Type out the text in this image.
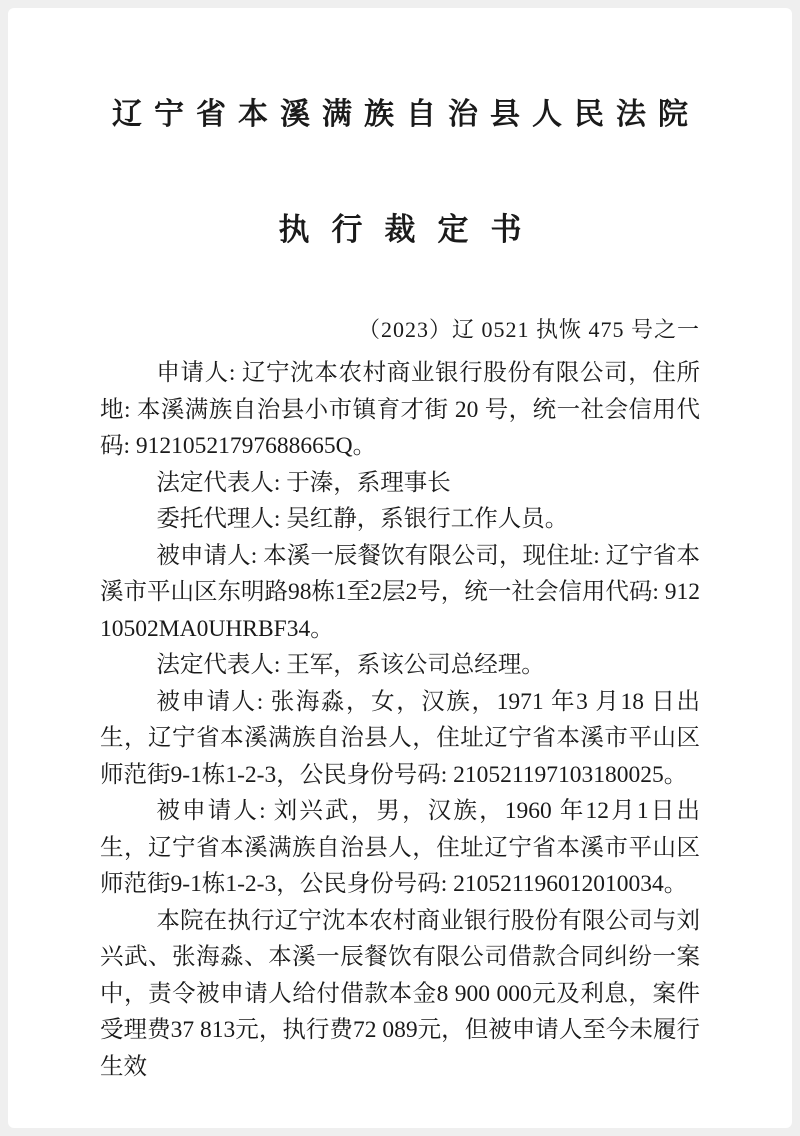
辽宁省本溪满族自治县人民法院
执行裁定书
（2023）辽 0521 执恢 475 号之一

申请人: 辽宁沈本农村商业银行股份有限公司，住所地: 本溪满族自治县小市镇育才街 20 号，统一社会信用代码: 91210521797688665Q。

法定代表人: 于溱，系理事长

委托代理人: 吴红静，系银行工作人员。

被申请人: 本溪一辰餐饮有限公司，现住址: 辽宁省本溪市平山区东明路98栋1至2层2号，统一社会信用代码: 91210502MA0UHRBF34。

法定代表人: 王军，系该公司总经理。

被申请人: 张海淼，女，汉族，1971 年3 月18 日出生，辽宁省本溪满族自治县人，住址辽宁省本溪市平山区师范街9-1栋1-2-3，公民身份号码: 210521197103180025。

被申请人: 刘兴武，男，汉族，1960 年12月1日出生，辽宁省本溪满族自治县人，住址辽宁省本溪市平山区师范街9-1栋1-2-3，公民身份号码: 210521196012010034。

本院在执行辽宁沈本农村商业银行股份有限公司与刘兴武、张海淼、本溪一辰餐饮有限公司借款合同纠纷一案中，责令被申请人给付借款本金8 900 000元及利息，案件受理费37 813元，执行费72 089元，但被申请人至今未履行生效
